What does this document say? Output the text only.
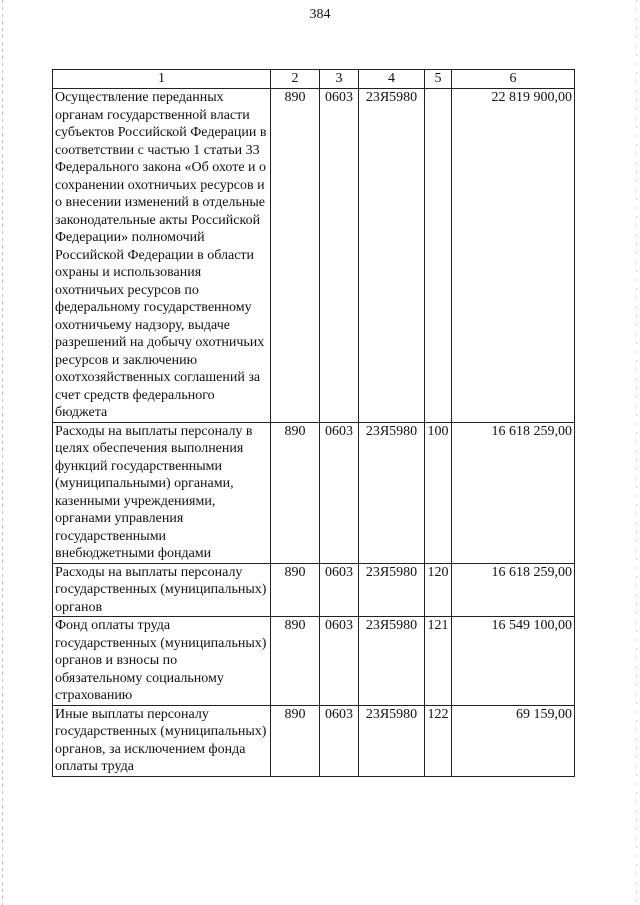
384
1	2	3	4	5	6
Осуществление переданных органам государственной власти субъектов Российской Федерации в соответствии с частью 1 статьи 33 Федерального закона «Об охоте и о сохранении охотничьих ресурсов и о внесении изменений в отдельные законодательные акты Российской Федерации» полномочий Российской Федерации в области охраны и использования охотничьих ресурсов по федеральному государственному охотничьему надзору, выдаче разрешений на добычу охотничьих ресурсов и заключению охотхозяйственных соглашений за счет средств федерального бюджета	890	0603	23Я5980		22 819 900,00
Расходы на выплаты персоналу в целях обеспечения выполнения функций государственными (муниципальными) органами, казенными учреждениями, органами управления государственными внебюджетными фондами	890	0603	23Я5980	100	16 618 259,00
Расходы на выплаты персоналу государственных (муниципальных) органов	890	0603	23Я5980	120	16 618 259,00
Фонд оплаты труда государственных (муниципальных) органов и взносы по обязательному социальному страхованию	890	0603	23Я5980	121	16 549 100,00
Иные выплаты персоналу государственных (муниципальных) органов, за исключением фонда оплаты труда	890	0603	23Я5980	122	69 159,00
